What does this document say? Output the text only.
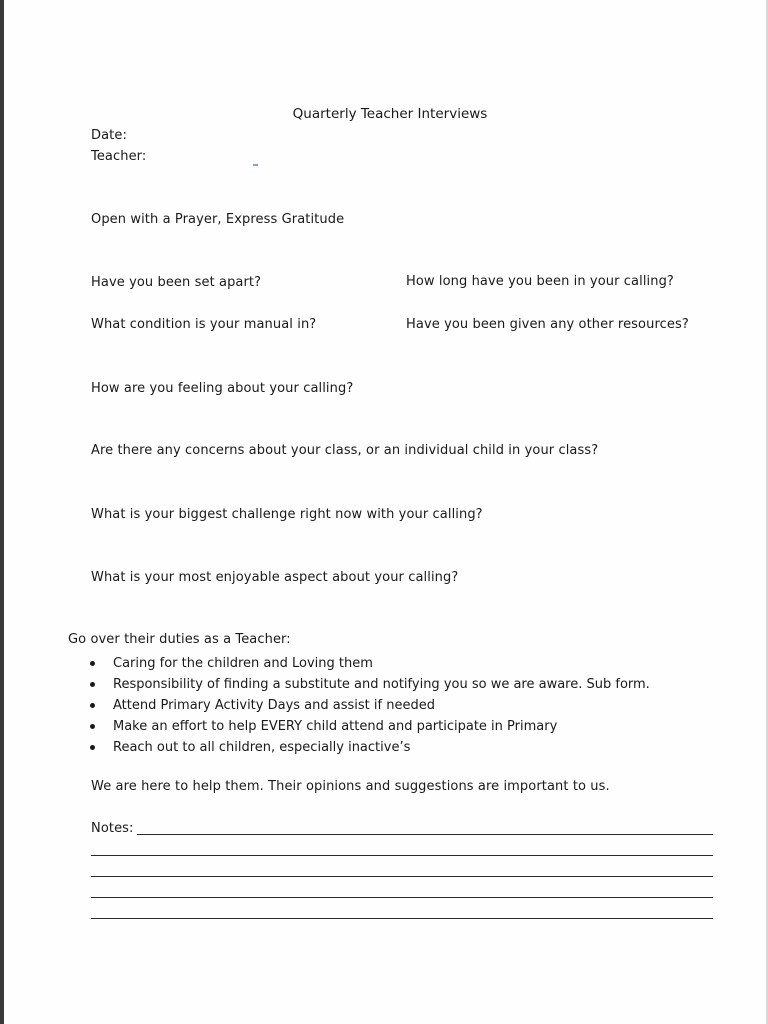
Quarterly Teacher Interviews
Date:
Teacher:
Open with a Prayer, Express Gratitude
Have you been set apart?	How long have you been in your calling?
What condition is your manual in?	Have you been given any other resources?
How are you feeling about your calling?
Are there any concerns about your class, or an individual child in your class?
What is your biggest challenge right now with your calling?
What is your most enjoyable aspect about your calling?
Go over their duties as a Teacher:
Caring for the children and Loving them
Responsibility of finding a substitute and notifying you so we are aware. Sub form.
Attend Primary Activity Days and assist if needed
Make an effort to help EVERY child attend and participate in Primary
Reach out to all children, especially inactive’s
We are here to help them. Their opinions and suggestions are important to us.
Notes:
